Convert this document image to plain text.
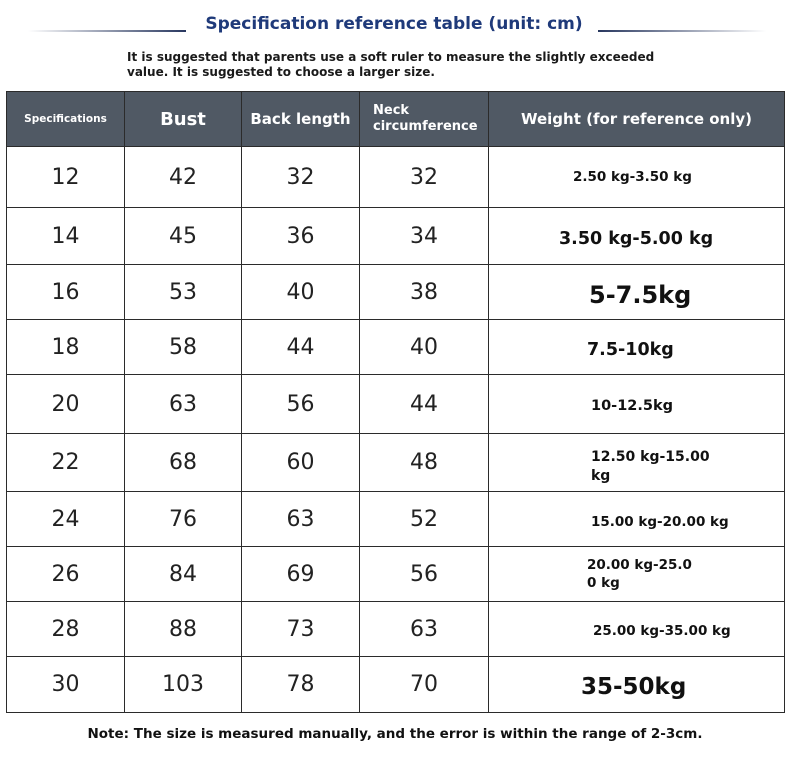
Specification reference table (unit: cm)
It is suggested that parents use a soft ruler to measure the slightly exceeded value. It is suggested to choose a larger size.
Specifications	Bust	Back length	Neck circumference	Weight (for reference only)
12	42	32	32	2.50 kg-3.50 kg
14	45	36	34	3.50 kg-5.00 kg
16	53	40	38	5-7.5kg
18	58	44	40	7.5-10kg
20	63	56	44	10-12.5kg
22	68	60	48	12.50 kg-15.00 kg
24	76	63	52	15.00 kg-20.00 kg
26	84	69	56	20.00 kg-25.00 kg
28	88	73	63	25.00 kg-35.00 kg
30	103	78	70	35-50kg
Note: The size is measured manually, and the error is within the range of 2-3cm.
